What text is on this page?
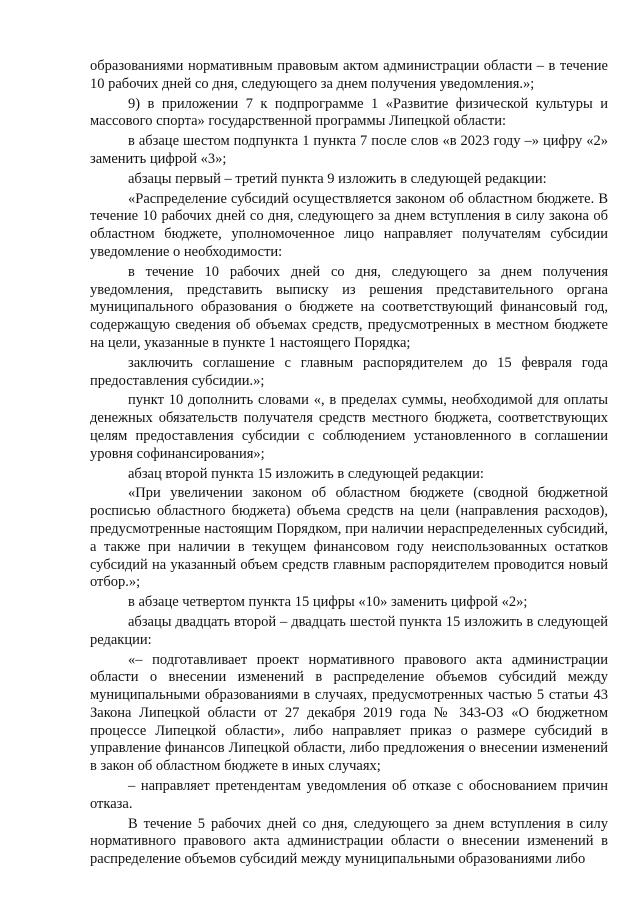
образованиями нормативным правовым актом администрации области – в течение 10 рабочих дней со дня, следующего за днем получения уведомления.»;

9) в приложении 7 к подпрограмме 1 «Развитие физической культуры и массового спорта» государственной программы Липецкой области:

в абзаце шестом подпункта 1 пункта 7 после слов «в 2023 году –» цифру «2» заменить цифрой «3»;

абзацы первый – третий пункта 9 изложить в следующей редакции:

«Распределение субсидий осуществляется законом об областном бюджете. В течение 10 рабочих дней со дня, следующего за днем вступления в силу закона об областном бюджете, уполномоченное лицо направляет получателям субсидии уведомление о необходимости:

в течение 10 рабочих дней со дня, следующего за днем получения уведомления, представить выписку из решения представительного органа муниципального образования о бюджете на соответствующий финансовый год, содержащую сведения об объемах средств, предусмотренных в местном бюджете на цели, указанные в пункте 1 настоящего Порядка;

заключить соглашение с главным распорядителем до 15 февраля года предоставления субсидии.»;

пункт 10 дополнить словами «, в пределах суммы, необходимой для оплаты денежных обязательств получателя средств местного бюджета, соответствующих целям предоставления субсидии с соблюдением установленного в соглашении уровня софинансирования»;

абзац второй пункта 15 изложить в следующей редакции:

«При увеличении законом об областном бюджете (сводной бюджетной росписью областного бюджета) объема средств на цели (направления расходов), предусмотренные настоящим Порядком, при наличии нераспределенных субсидий, а также при наличии в текущем финансовом году неиспользованных остатков субсидий на указанный объем средств главным распорядителем проводится новый отбор.»;

в абзаце четвертом пункта 15 цифры «10» заменить цифрой «2»;

абзацы двадцать второй – двадцать шестой пункта 15 изложить в следующей редакции:

«– подготавливает проект нормативного правового акта администрации области о внесении изменений в распределение объемов субсидий между муниципальными образованиями в случаях, предусмотренных частью 5 статьи 43 Закона Липецкой области от 27 декабря 2019 года № 343-ОЗ «О бюджетном процессе Липецкой области», либо направляет приказ о размере субсидий в управление финансов Липецкой области, либо предложения о внесении изменений в закон об областном бюджете в иных случаях;

– направляет претендентам уведомления об отказе с обоснованием причин отказа.

В течение 5 рабочих дней со дня, следующего за днем вступления в силу нормативного правового акта администрации области о внесении изменений в распределение объемов субсидий между муниципальными образованиями либо
